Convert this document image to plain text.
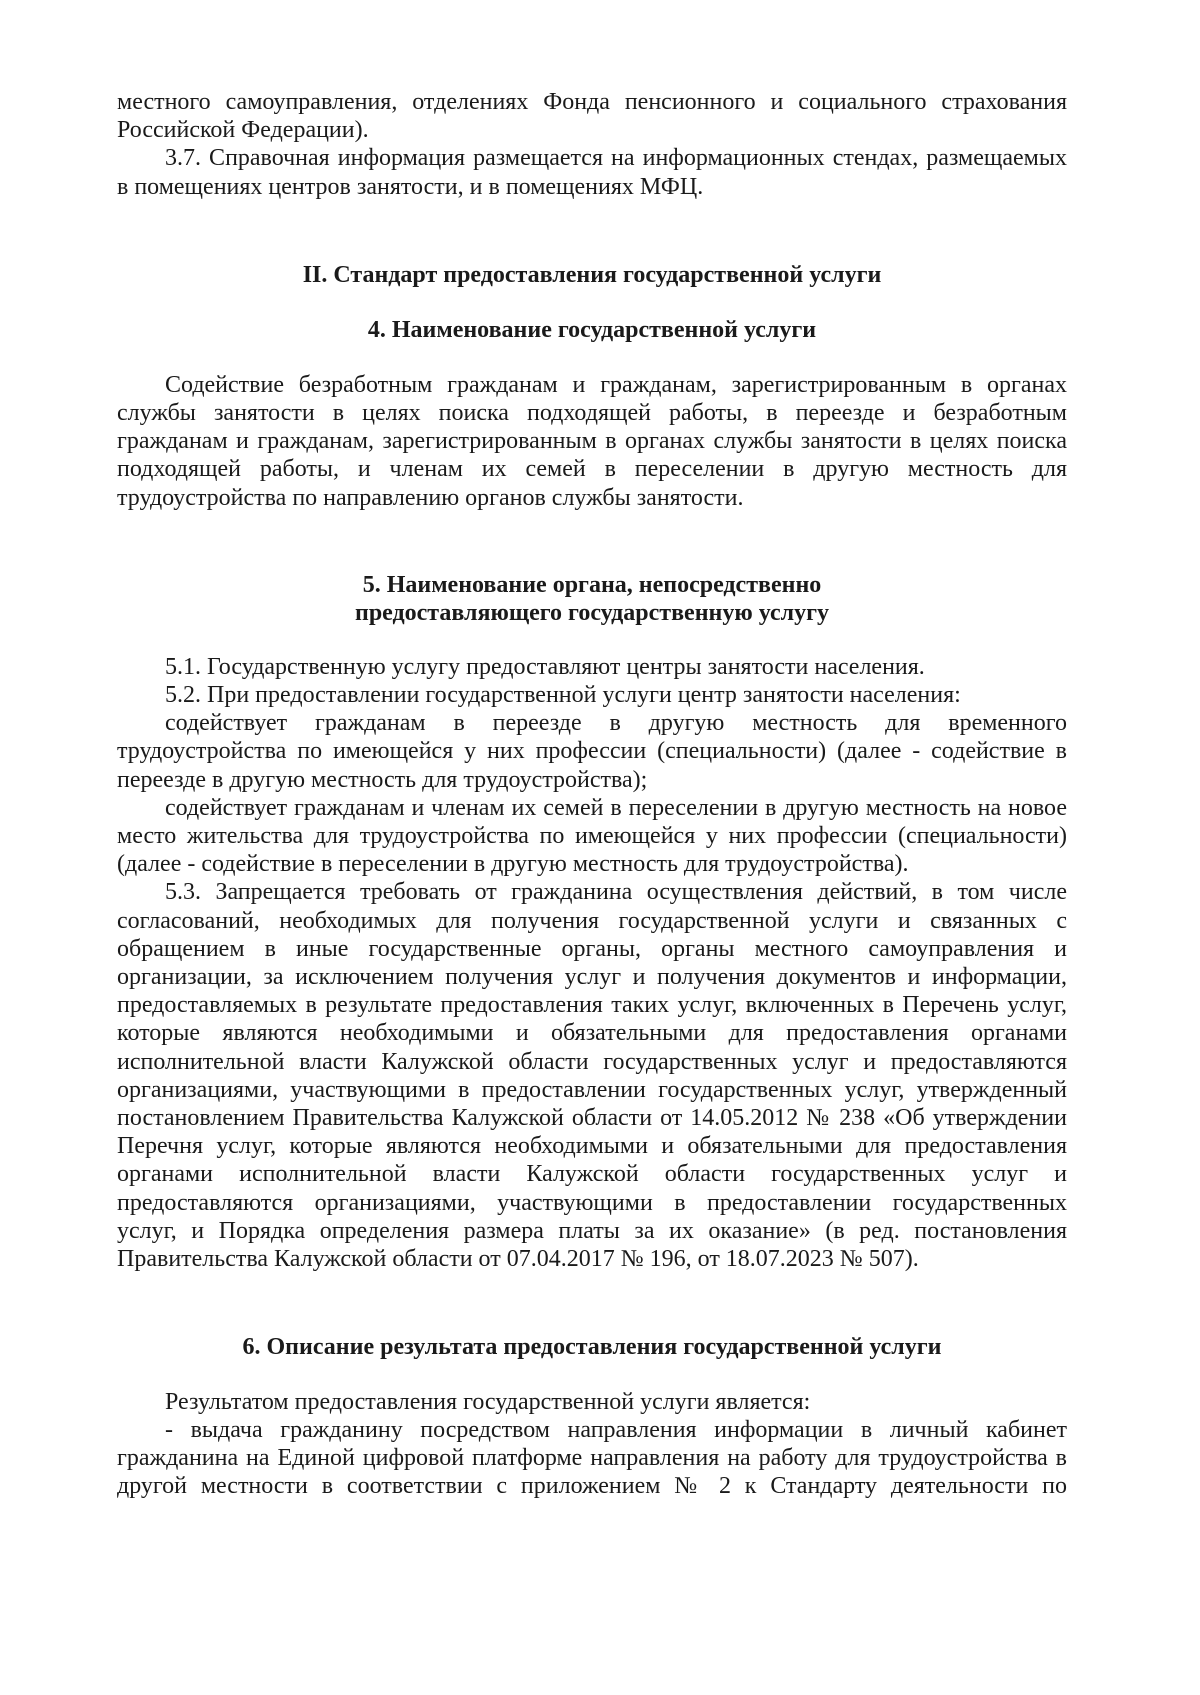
местного самоуправления, отделениях Фонда пенсионного и социального страхования

Российской Федерации).

3.7. Справочная информация размещается на информационных стендах, размещаемых

в помещениях центров занятости, и в помещениях МФЦ.

II. Стандарт предоставления государственной услуги

4. Наименование государственной услуги

Содействие безработным гражданам и гражданам, зарегистрированным в органах

службы занятости в целях поиска подходящей работы, в переезде и безработным

гражданам и гражданам, зарегистрированным в органах службы занятости в целях поиска

подходящей работы, и членам их семей в переселении в другую местность для

трудоустройства по направлению органов службы занятости.

5. Наименование органа, непосредственно

предоставляющего государственную услугу

5.1. Государственную услугу предоставляют центры занятости населения.

5.2. При предоставлении государственной услуги центр занятости населения:

содействует гражданам в переезде в другую местность для временного

трудоустройства по имеющейся у них профессии (специальности) (далее - содействие в

переезде в другую местность для трудоустройства);

содействует гражданам и членам их семей в переселении в другую местность на новое

место жительства для трудоустройства по имеющейся у них профессии (специальности)

(далее - содействие в переселении в другую местность для трудоустройства).

5.3. Запрещается требовать от гражданина осуществления действий, в том числе

согласований, необходимых для получения государственной услуги и связанных с

обращением в иные государственные органы, органы местного самоуправления и

организации, за исключением получения услуг и получения документов и информации,

предоставляемых в результате предоставления таких услуг, включенных в Перечень услуг,

которые являются необходимыми и обязательными для предоставления органами

исполнительной власти Калужской области государственных услуг и предоставляются

организациями, участвующими в предоставлении государственных услуг, утвержденный

постановлением Правительства Калужской области от 14.05.2012 № 238 «Об утверждении

Перечня услуг, которые являются необходимыми и обязательными для предоставления

органами исполнительной власти Калужской области государственных услуг и

предоставляются организациями, участвующими в предоставлении государственных

услуг, и Порядка определения размера платы за их оказание» (в ред. постановления

Правительства Калужской области от 07.04.2017 № 196, от 18.07.2023 № 507).

6. Описание результата предоставления государственной услуги

Результатом предоставления государственной услуги является:

- выдача гражданину посредством направления информации в личный кабинет

гражданина на Единой цифровой платформе направления на работу для трудоустройства в

другой местности в соответствии с приложением № 2 к Стандарту деятельности по
